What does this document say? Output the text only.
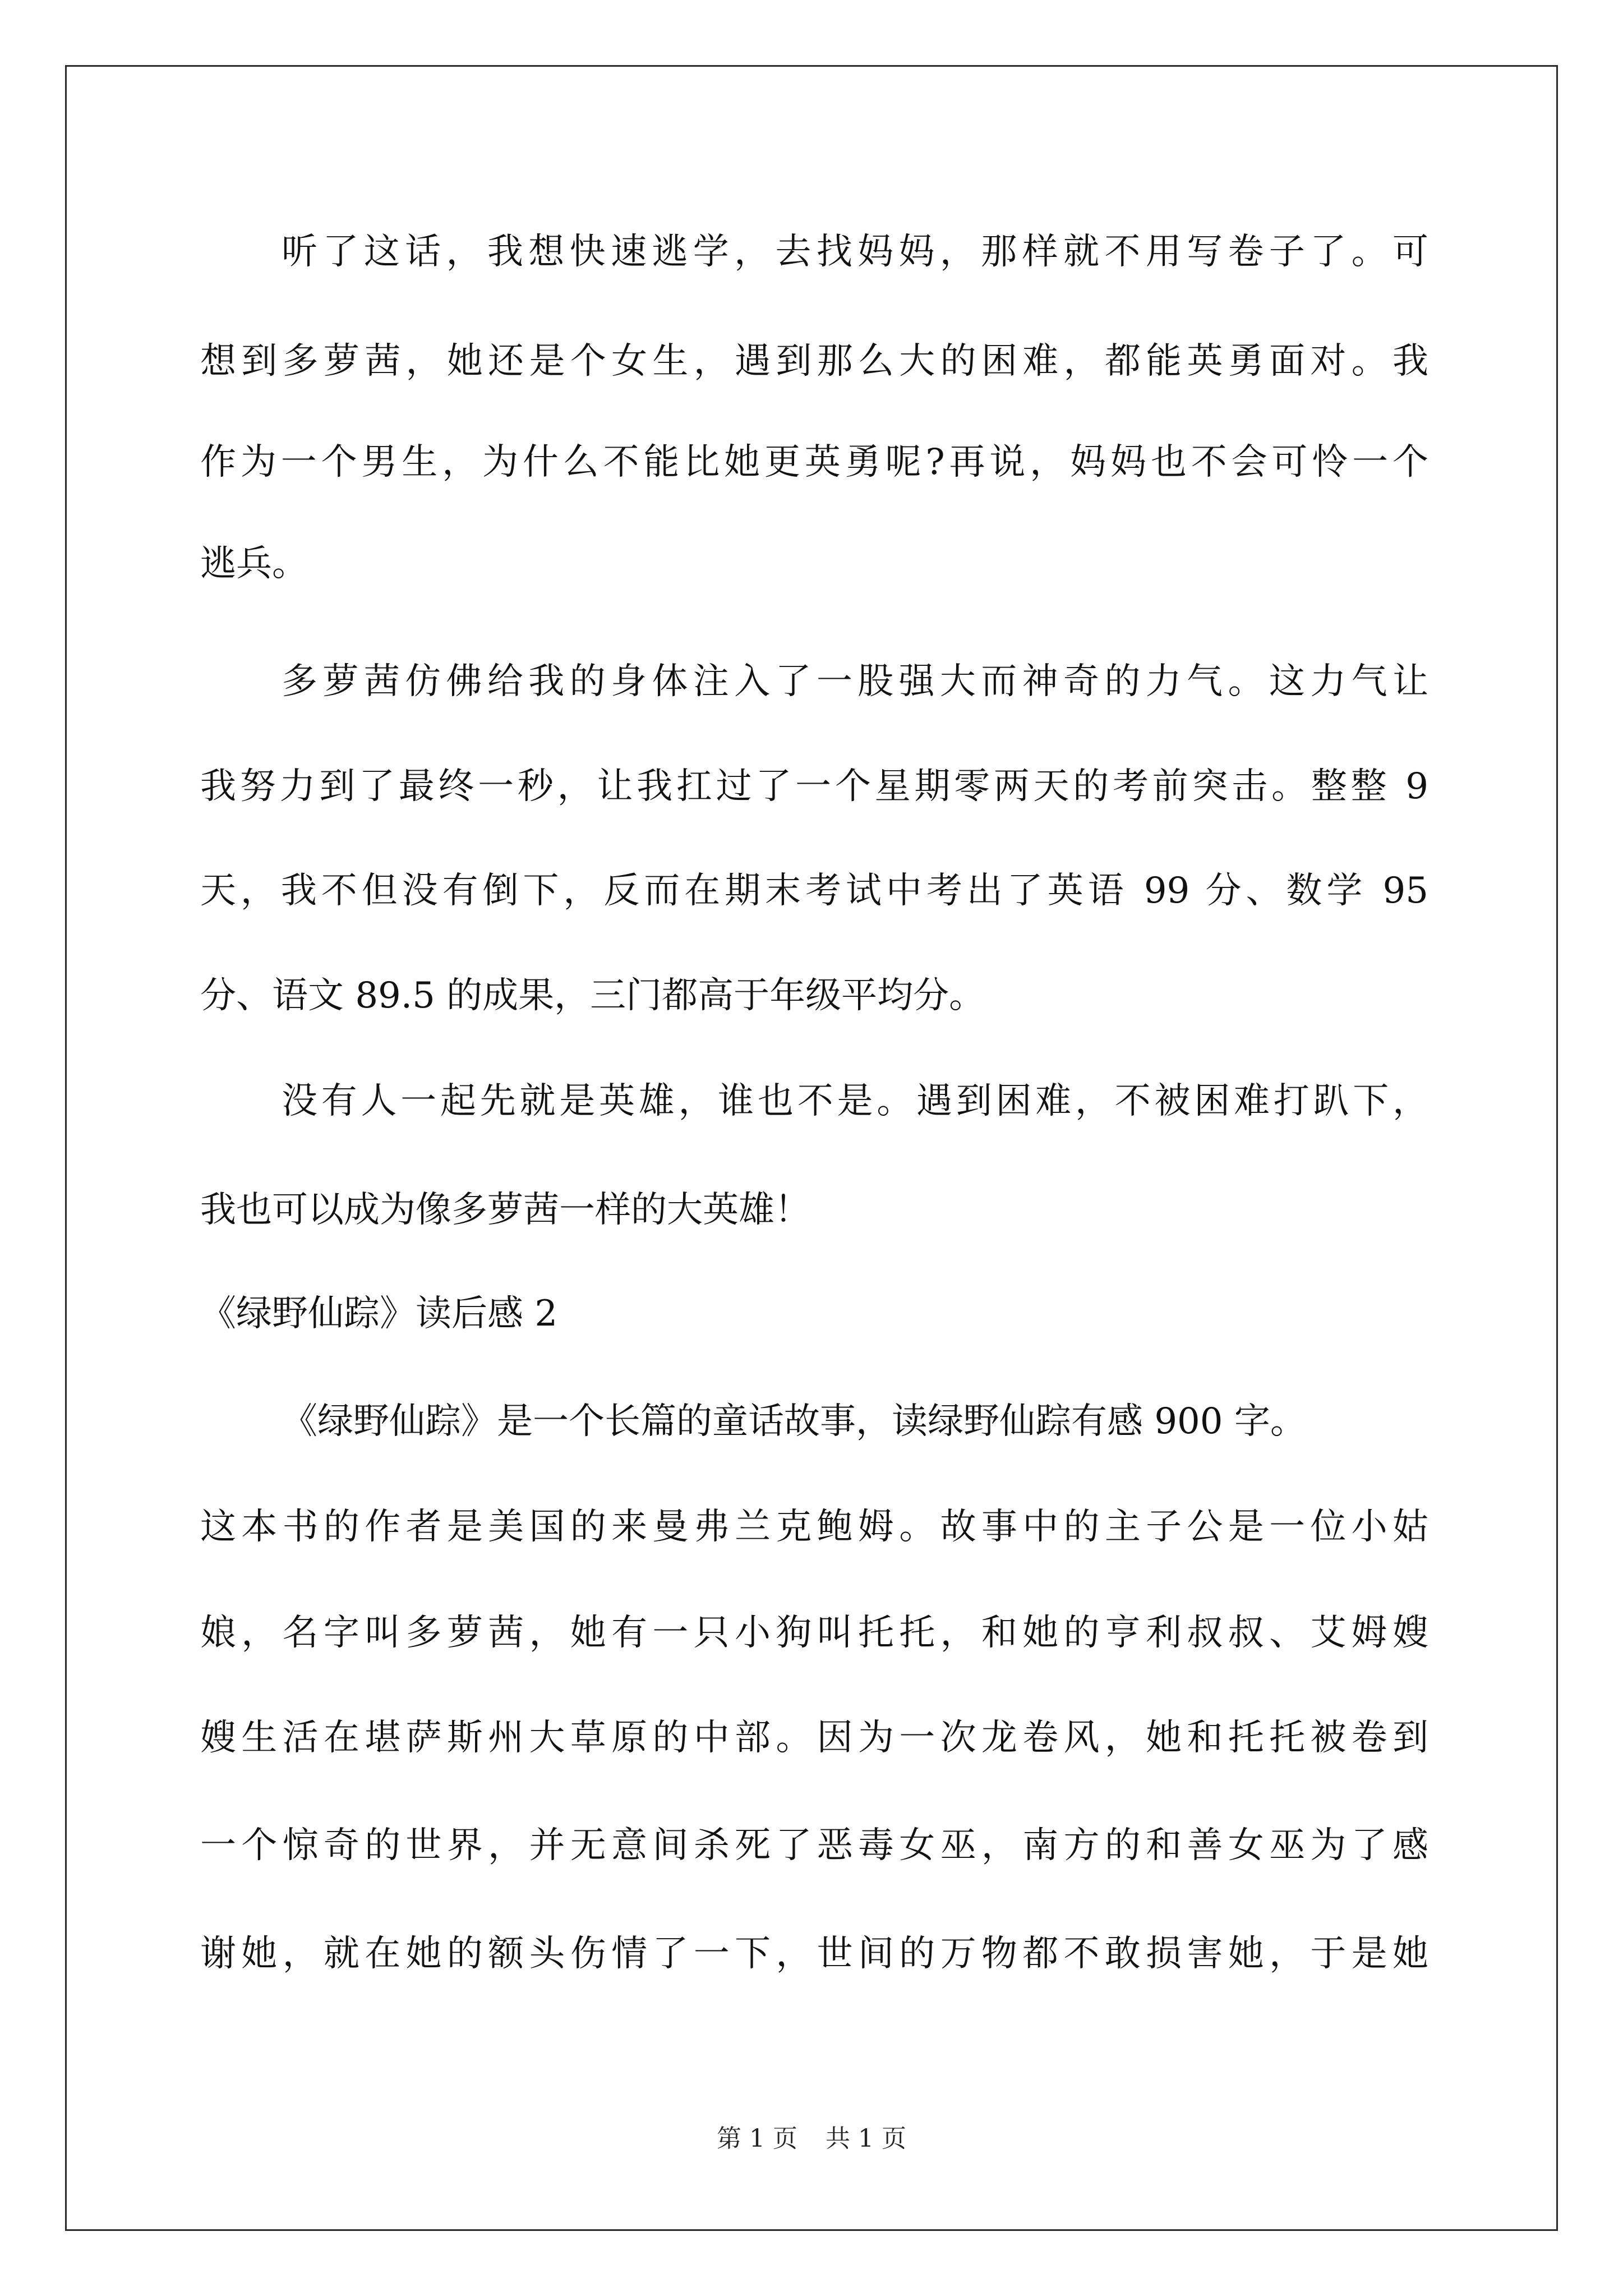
听了这话，我想快速逃学，去找妈妈，那样就不用写卷子了。可
想到多萝茜，她还是个女生，遇到那么大的困难，都能英勇面对。我
作为一个男生，为什么不能比她更英勇呢?再说，妈妈也不会可怜一个
逃兵。
多萝茜仿佛给我的身体注入了一股强大而神奇的力气。这力气让
我努力到了最终一秒，让我扛过了一个星期零两天的考前突击。整整 9
天，我不但没有倒下，反而在期末考试中考出了英语 99 分、数学 95
分、语文 89.5 的成果，三门都高于年级平均分。
没有人一起先就是英雄，谁也不是。遇到困难，不被困难打趴下，
我也可以成为像多萝茜一样的大英雄！
《绿野仙踪》读后感 2
《绿野仙踪》是一个长篇的童话故事，读绿野仙踪有感 900 字。
这本书的作者是美国的来曼弗兰克鲍姆。故事中的主子公是一位小姑
娘，名字叫多萝茜，她有一只小狗叫托托，和她的亨利叔叔、艾姆嫂
嫂生活在堪萨斯州大草原的中部。因为一次龙卷风，她和托托被卷到
一个惊奇的世界，并无意间杀死了恶毒女巫，南方的和善女巫为了感
谢她，就在她的额头伤情了一下，世间的万物都不敢损害她，于是她
第 1 页 共 1 页
